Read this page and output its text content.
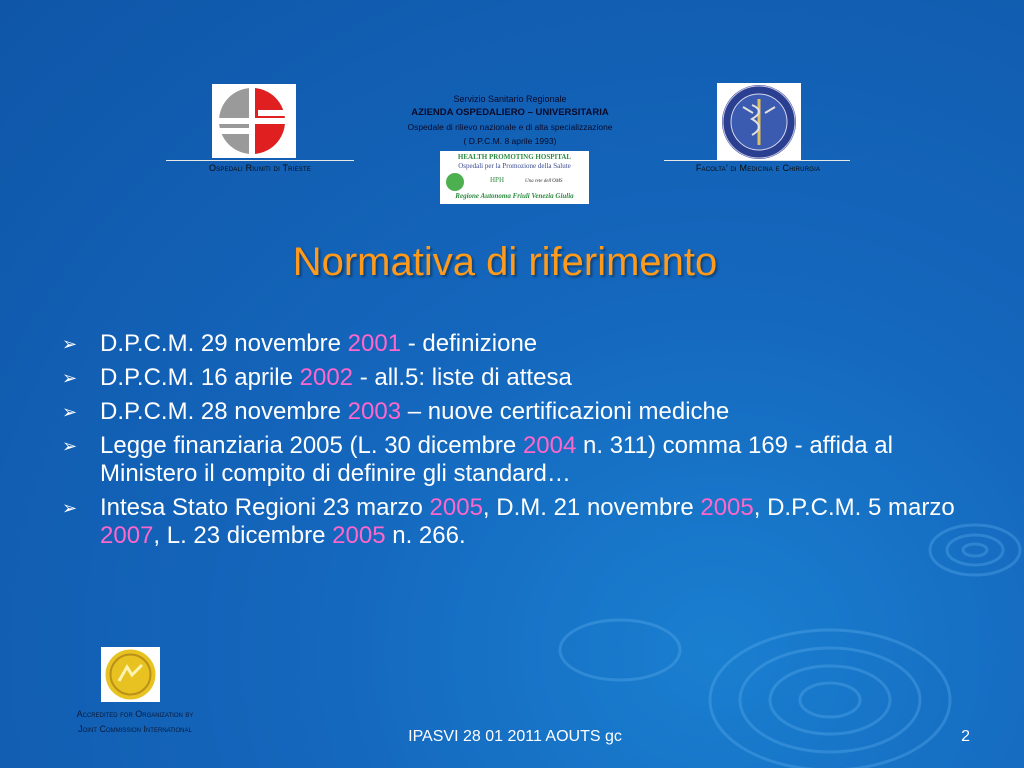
Ospedali Riuniti di Trieste
Servizio Sanitario Regionale
AZIENDA OSPEDALIERO – UNIVERSITARIA
Ospedale di rilievo nazionale e di alta specializzazione
( D.P.C.M. 8 aprile 1993)
HEALTH PROMOTING HOSPITAL
Ospedali per la Promozione della Salute
HPH	Una rete dell'OMS
Regione Autonoma Friuli Venezia Giulia
Facolta’ di Medicina e Chirurgia
Normativa di riferimento
➢ D.P.C.M. 29 novembre 2001 - definizione
➢ D.P.C.M. 16 aprile 2002 - all.5: liste di attesa
➢ D.P.C.M. 28 novembre 2003 – nuove certificazioni mediche
➢ Legge finanziaria 2005 (L. 30 dicembre 2004 n. 311) comma 169 - affida al Ministero il compito di definire gli standard…
➢ Intesa Stato Regioni 23 marzo 2005, D.M. 21 novembre 2005, D.P.C.M. 5 marzo 2007, L. 23 dicembre 2005 n. 266.
Accredited for Organization by
Joint Commission International	IPASVI 28 01 2011 AOUTS gc	2
